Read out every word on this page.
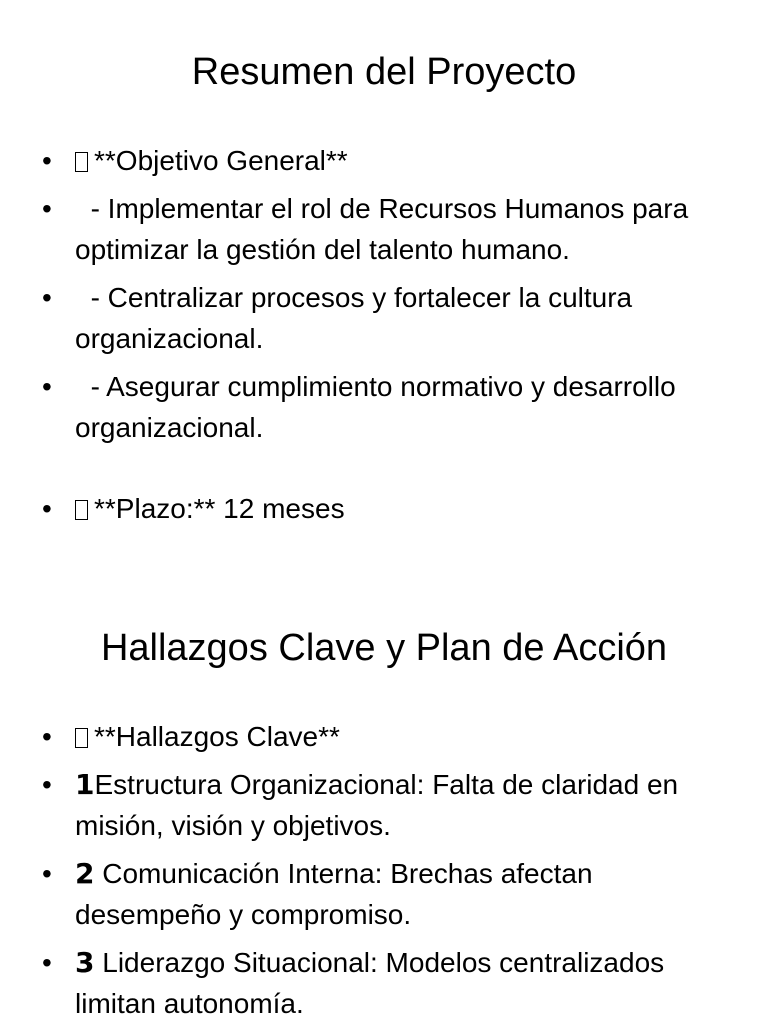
Resumen del Proyecto
• **Objetivo General**
• - Implementar el rol de Recursos Humanos para optimizar la gestión del talento humano.
• - Centralizar procesos y fortalecer la cultura organizacional.
• - Asegurar cumplimiento normativo y desarrollo organizacional.
• **Plazo:** 12 meses
Hallazgos Clave y Plan de Acción
• **Hallazgos Clave**
• 1Estructura Organizacional: Falta de claridad en misión, visión y objetivos.
• 2 Comunicación Interna: Brechas afectan desempeño y compromiso.
• 3 Liderazgo Situacional: Modelos centralizados limitan autonomía.
